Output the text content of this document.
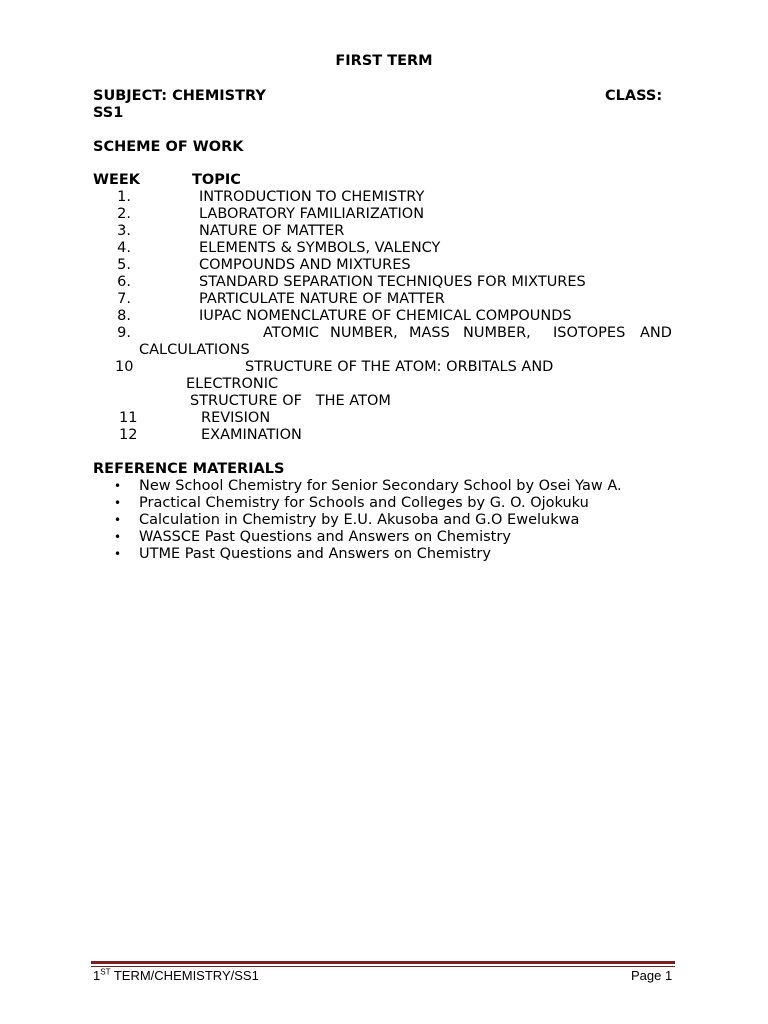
FIRST TERM
SUBJECT: CHEMISTRY	CLASS:
SS1
SCHEME OF WORK
WEEK	TOPIC
1.	INTRODUCTION TO CHEMISTRY
2.	LABORATORY FAMILIARIZATION
3.	NATURE OF MATTER
4.	ELEMENTS & SYMBOLS, VALENCY
5.	COMPOUNDS AND MIXTURES
6.	STANDARD SEPARATION TECHNIQUES FOR MIXTURES
7.	PARTICULATE NATURE OF MATTER
8.	IUPAC NOMENCLATURE OF CHEMICAL COMPOUNDS
9.	ATOMIC NUMBER, MASS NUMBER, ISOTOPES AND
CALCULATIONS
10	STRUCTURE OF THE ATOM: ORBITALS AND
ELECTRONIC
STRUCTURE OF   THE ATOM
11	REVISION
12	EXAMINATION
REFERENCE MATERIALS
• New School Chemistry for Senior Secondary School by Osei Yaw A.
• Practical Chemistry for Schools and Colleges by G. O. Ojokuku
• Calculation in Chemistry by E.U. Akusoba and G.O Ewelukwa
• WASSCE Past Questions and Answers on Chemistry
• UTME Past Questions and Answers on Chemistry
1ST TERM/CHEMISTRY/SS1	Page 1
